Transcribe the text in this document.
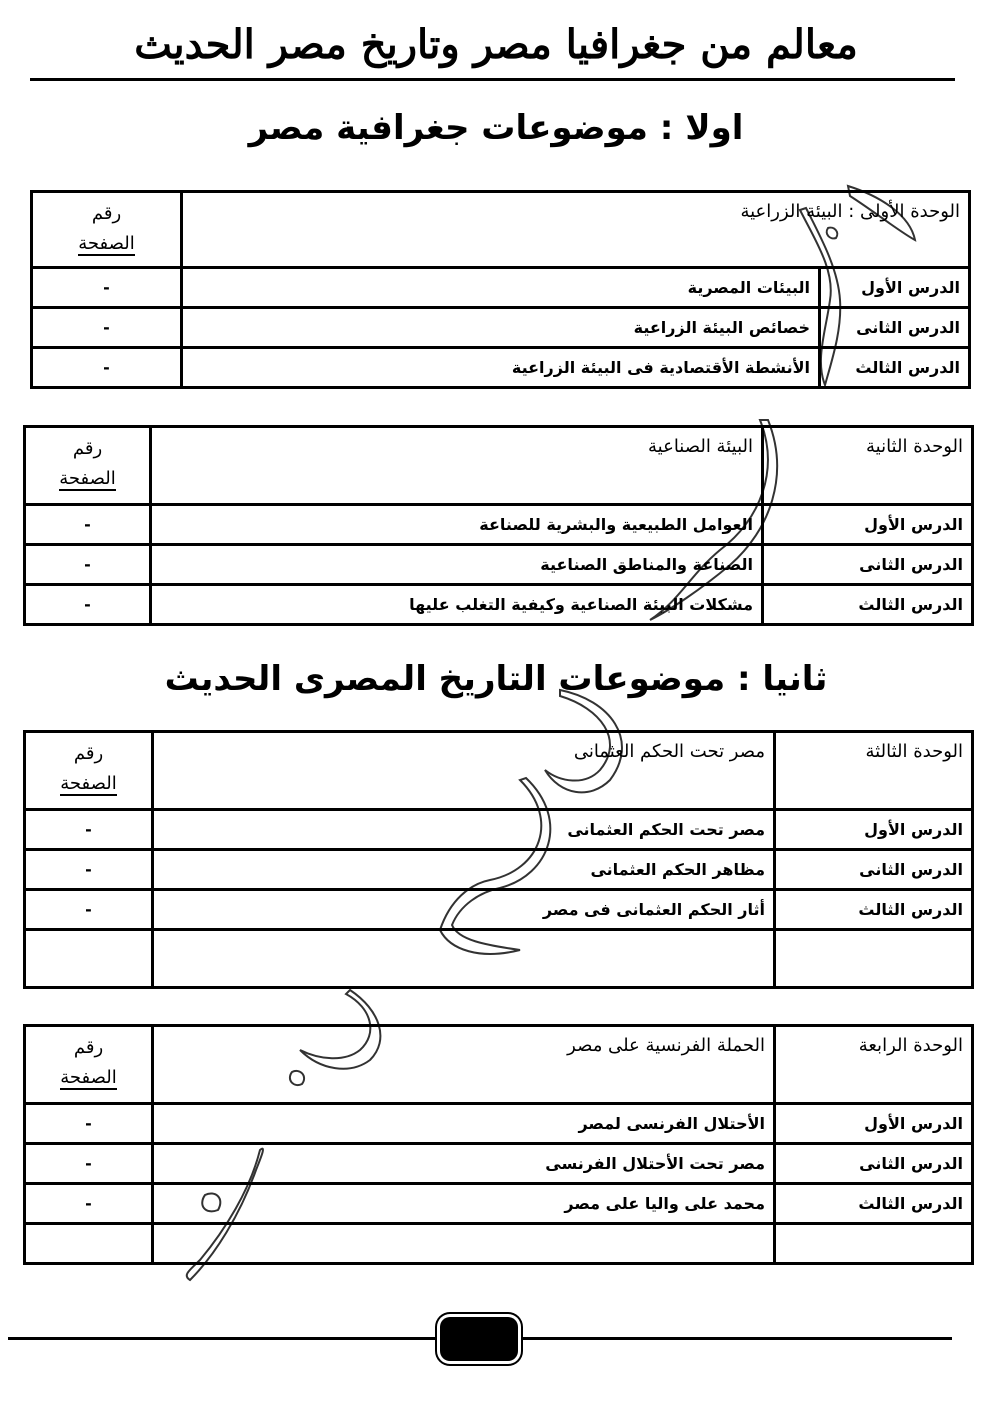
معالم من جغرافيا مصر وتاريخ مصر الحديث
اولا : موضوعات جغرافية مصر
الوحدة الأولى : البيئة الزراعية		رقم
الصفحة

الدرس الأول	البيئات المصرية	-
الدرس الثانى	خصائص البيئة الزراعية	-
الدرس الثالث	الأنشطة الأقتصادية فى البيئة الزراعية	-
الوحدة الثانية	البيئة الصناعية	رقم
الصفحة

الدرس الأول	العوامل الطبيعية والبشرية للصناعة	-
الدرس الثانى	الصناعة والمناطق الصناعية	-
الدرس الثالث	مشكلات البيئة الصناعية وكيفية التغلب عليها	-
ثانيا : موضوعات التاريخ المصرى الحديث
الوحدة الثالثة	مصر تحت الحكم العثمانى	رقم
الصفحة

الدرس الأول	مصر تحت الحكم العثمانى	-
الدرس الثانى	مظاهر الحكم العثمانى	-
الدرس الثالث	أثار الحكم العثمانى فى مصر	-

الوحدة الرابعة	الحملة الفرنسية على مصر	رقم
الصفحة

الدرس الأول	الأحتلال الفرنسى لمصر	-
الدرس الثانى	مصر تحت الأحتلال الفرنسى	-
الدرس الثالث	محمد على واليا على مصر	-
